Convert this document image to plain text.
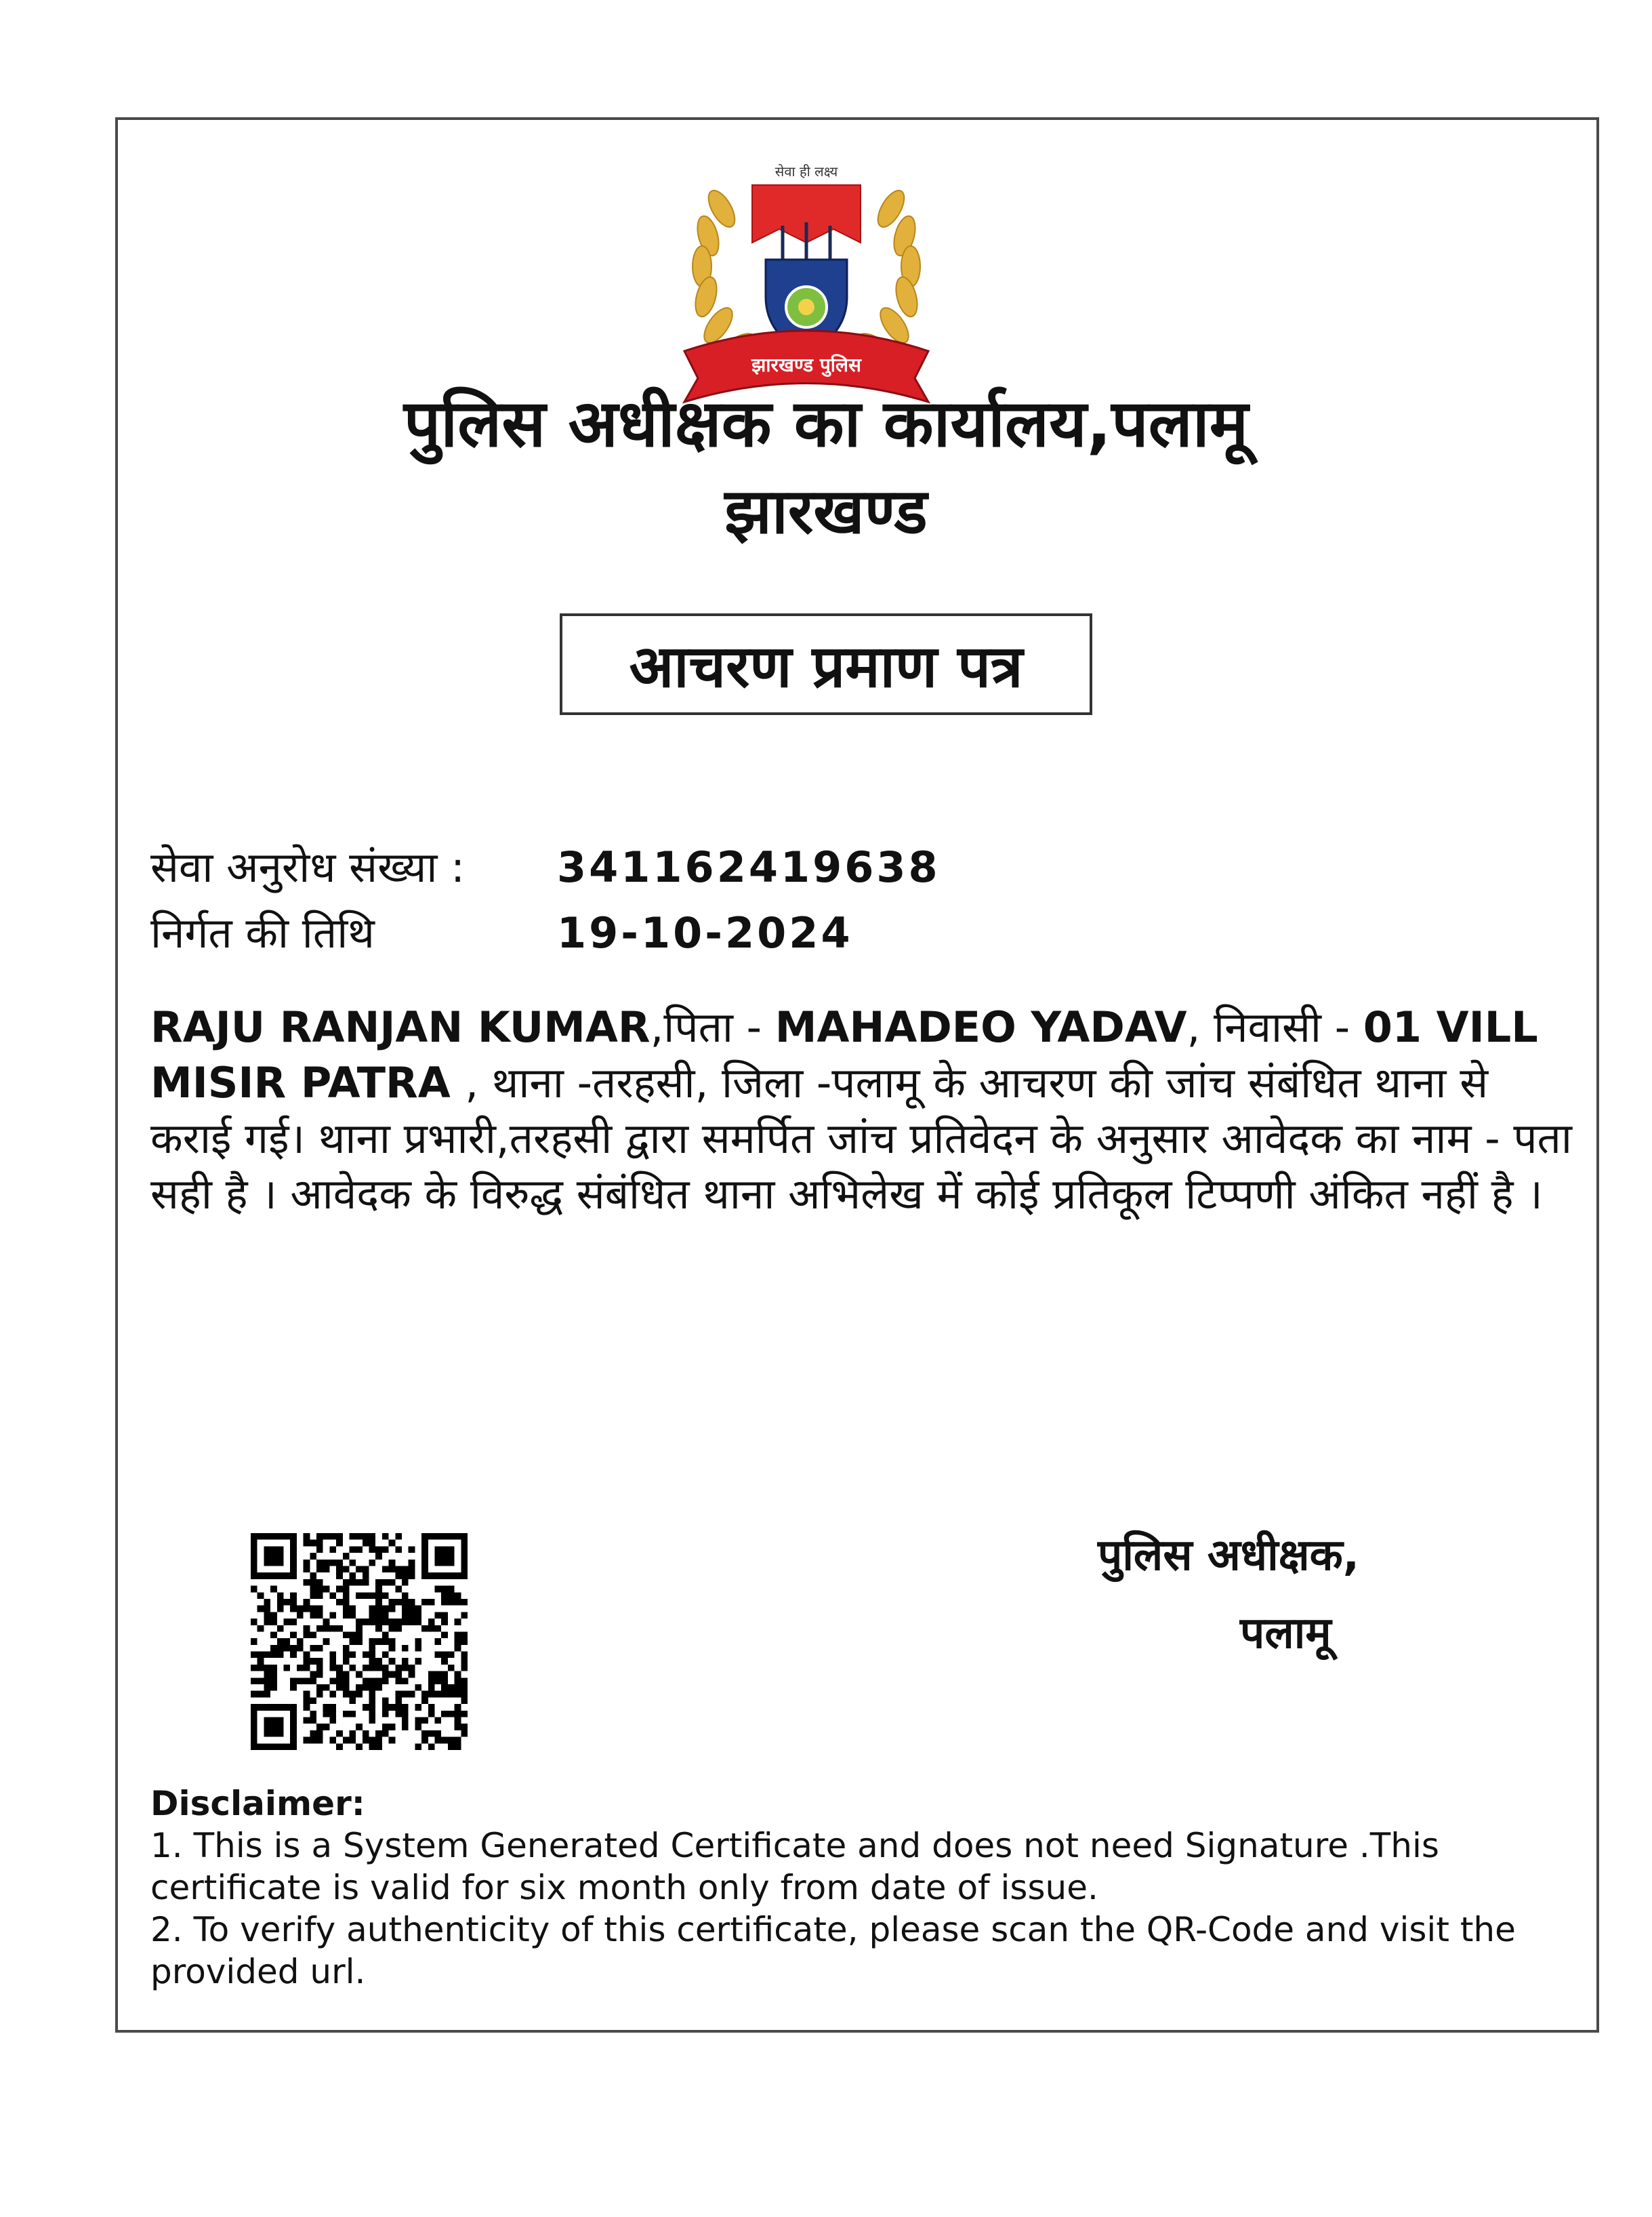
सेवा ही लक्ष्य
झारखण्ड पुलिस
पुलिस अधीक्षक का कार्यालय,पलामू
झारखण्ड
आचरण प्रमाण पत्र
सेवा अनुरोध संख्या : 341162419638
निर्गत की तिथि	19-10-2024
RAJU RANJAN KUMAR,पिता - MAHADEO YADAV, निवासी - 01 VILL MISIR PATRA , थाना -तरहसी, जिला -पलामू के आचरण की जांच संबंधित थाना से कराई गई। थाना प्रभारी,तरहसी द्वारा समर्पित जांच प्रतिवेदन के अनुसार आवेदक का नाम - पता सही है । आवेदक के विरुद्ध संबंधित थाना अभिलेख में कोई प्रतिकूल टिप्पणी अंकित नहीं है ।
पुलिस अधीक्षक,
पलामू
Disclaimer:
1. This is a System Generated Certificate and does not need Signature .This certificate is valid for six month only from date of issue.
2. To verify authenticity of this certificate, please scan the QR-Code and visit the provided url.
